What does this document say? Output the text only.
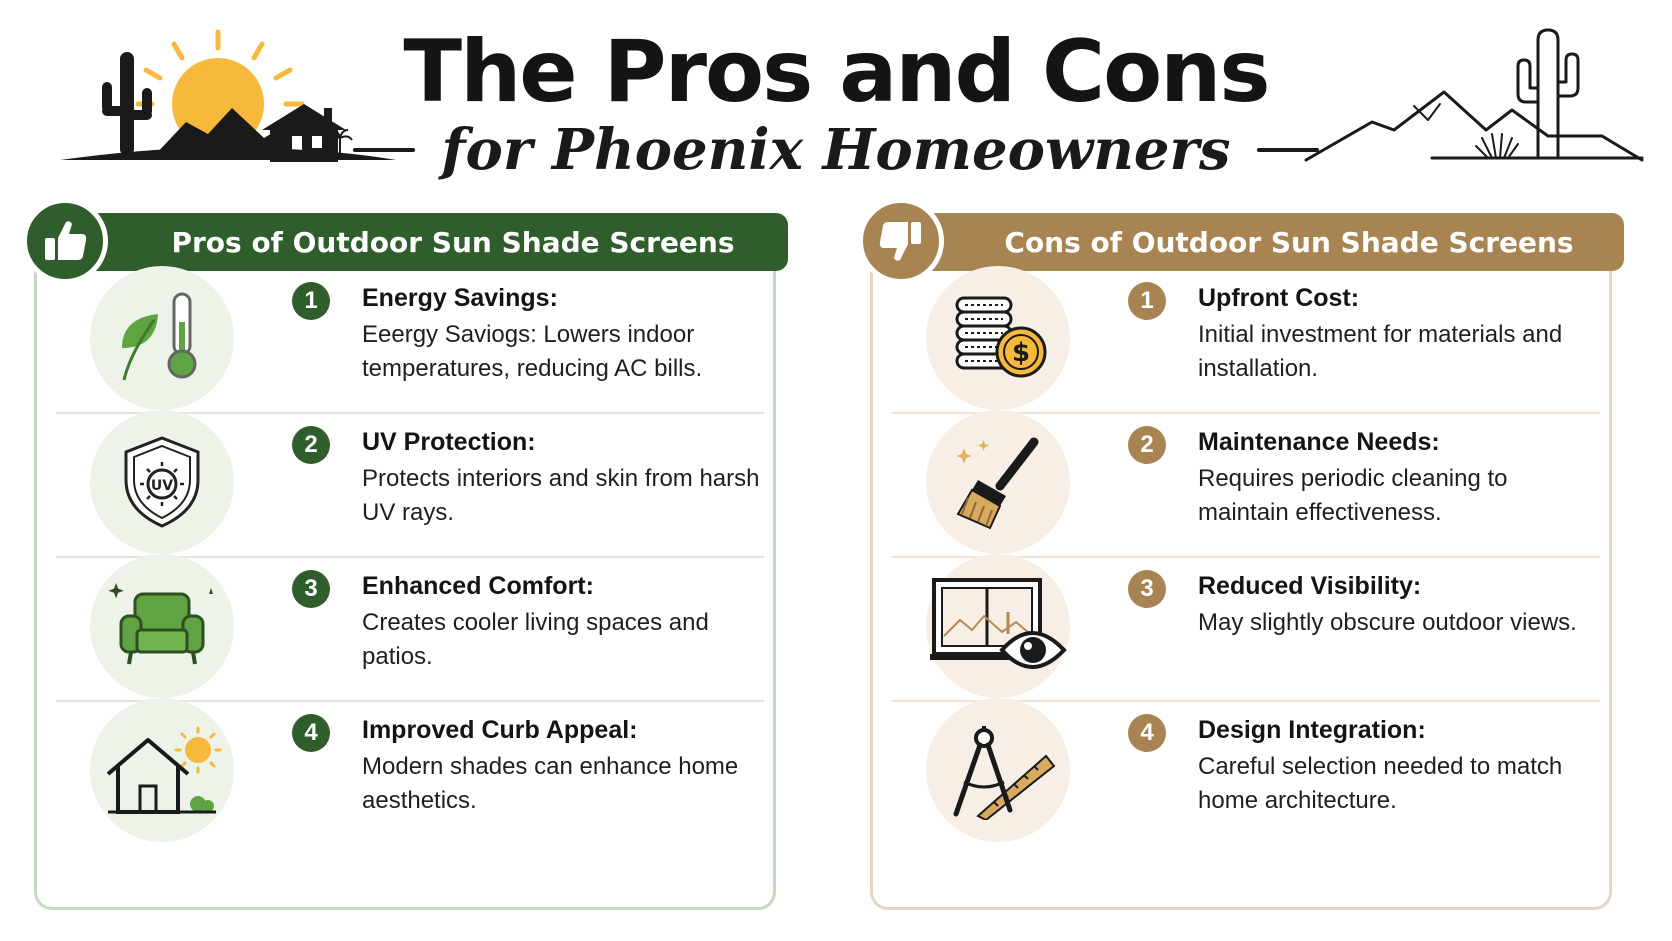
The Pros and Cons
for Phoenix Homeowners
Pros of Outdoor Sun Shade Screens
1	Energy Savings:
Eeergy Saviogs: Lowers indoor temperatures, reducing AC bills.
UV
2	UV Protection:
Protects interiors and skin from harsh UV rays.
3	Enhanced Comfort:
Creates cooler living spaces and patios.
4	Improved Curb Appeal:
Modern shades can enhance home aesthetics.
Cons of Outdoor Sun Shade Screens
$
1	Upfront Cost:
Initial investment for materials and installation.
2	Maintenance Needs:
Requires periodic cleaning to maintain effectiveness.
3	Reduced Visibility:
May slightly obscure outdoor views.
4	Design Integration:
Careful selection needed to match home architecture.
